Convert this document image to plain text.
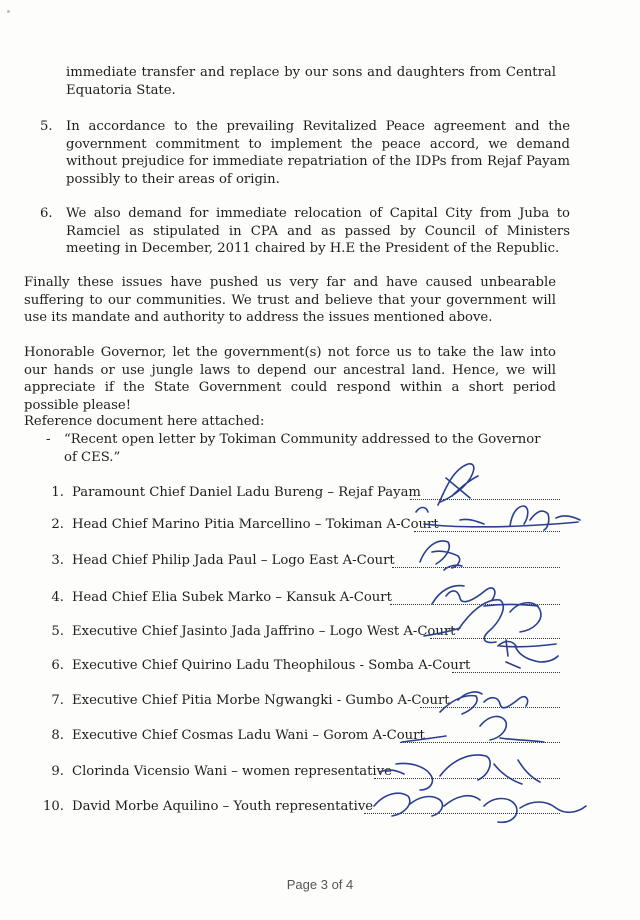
immediate transfer and replace by our sons and daughters from Central Equatoria State.

5. In accordance to the prevailing Revitalized Peace agreement and the government commitment to implement the peace accord, we demand without prejudice for immediate repatriation of the IDPs from Rejaf Payam possibly to their areas of origin.
6. We also demand for immediate relocation of Capital City from Juba to Ramciel as stipulated in CPA and as passed by Council of Ministers meeting in December, 2011 chaired by H.E the President of the Republic.

Finally these issues have pushed us very far and have caused unbearable suffering to our communities. We trust and believe that your government will use its mandate and authority to address the issues mentioned above.

Honorable Governor, let the government(s) not force us to take the law into our hands or use jungle laws to depend our ancestral land. Hence, we will appreciate if the State Government could respond within a short period possible please!

Reference document here attached:

- “Recent open letter by Tokiman Community addressed to the Governor of CES.”
1. Paramount Chief Daniel Ladu Bureng – Rejaf Payam
2. Head Chief Marino Pitia Marcellino – Tokiman A-Court
3. Head Chief Philip Jada Paul – Logo East A-Court
4. Head Chief Elia Subek Marko – Kansuk A-Court
5. Executive Chief Jasinto Jada Jaffrino – Logo West A-Court
6. Executive Chief Quirino Ladu Theophilous - Somba A-Court
7. Executive Chief Pitia Morbe Ngwangki - Gumbo A-Court
8. Executive Chief Cosmas Ladu Wani – Gorom A-Court
9. Clorinda Vicensio Wani – women representative
10. David Morbe Aquilino – Youth representative
Page 3 of 4
